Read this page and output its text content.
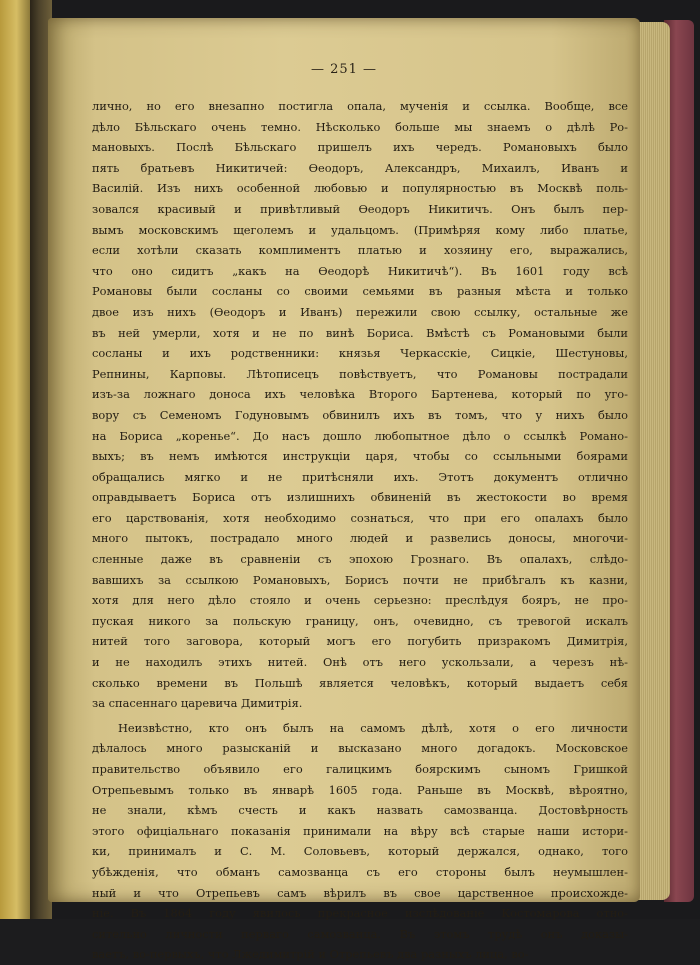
— 251 —
лично, но его внезапно постигла опала, мученія и ссылка. Вообще, все
дѣло Бѣльскаго очень темно. Нѣсколько больше мы знаемъ о дѣлѣ Ро-
мановыхъ. Послѣ Бѣльскаго пришелъ ихъ чередъ. Романовыхъ было
пять братьевъ Никитичей: Ѳеодоръ, Александръ, Михаилъ, Иванъ и
Василій. Изъ нихъ особенной любовью и популярностью въ Москвѣ поль-
зовался красивый и привѣтливый Ѳеодоръ Никитичъ. Онъ былъ пер-
вымъ московскимъ щеголемъ и удальцомъ. (Примѣряя кому либо платье,
если хотѣли сказать комплиментъ платью и хозяину его, выражались,
что оно сидитъ „какъ на Ѳеодорѣ Никитичѣ“). Въ 1601 году всѣ
Романовы были сосланы со своими семьями въ разныя мѣста и только
двое изъ нихъ (Ѳеодоръ и Иванъ) пережили свою ссылку, остальные же
въ ней умерли, хотя и не по винѣ Бориса. Вмѣстѣ съ Романовыми были
сосланы и ихъ родственники: князья Черкасскіе, Сицкіе, Шестуновы,
Репнины, Карповы. Лѣтописецъ повѣствуетъ, что Романовы пострадали
изъ-за ложнаго доноса ихъ человѣка Второго Бартенева, который по уго-
вору съ Семеномъ Годуновымъ обвинилъ ихъ въ томъ, что у нихъ было
на Бориса „коренье“. До насъ дошло любопытное дѣло о ссылкѣ Романо-
выхъ; въ немъ имѣются инструкціи царя, чтобы со ссыльными боярами
обращались мягко и не притѣсняли ихъ. Этотъ документъ отлично
оправдываетъ Бориса отъ излишнихъ обвиненій въ жестокости во время
его царствованія, хотя необходимо сознаться, что при его опалахъ было
много пытокъ, пострадало много людей и развелись доносы, многочи-
сленные даже въ сравненіи съ эпохою Грознаго. Въ опалахъ, слѣдо-
вавшихъ за ссылкою Романовыхъ, Борисъ почти не прибѣгалъ къ казни,
хотя для него дѣло стояло и очень серьезно: преслѣдуя бояръ, не про-
пуская никого за польскую границу, онъ, очевидно, съ тревогой искалъ
нитей того заговора, который могъ его погубить призракомъ Димитрія,
и не находилъ этихъ нитей. Онѣ отъ него ускользали, а черезъ нѣ-
сколько времени въ Польшѣ является человѣкъ, который выдаетъ себя
за спасеннаго царевича Димитрія.
Неизвѣстно, кто онъ былъ на самомъ дѣлѣ, хотя о его личности
дѣлалось много разысканій и высказано много догадокъ. Московское
правительство объявило его галицкимъ боярскимъ сыномъ Гришкой
Отрепьевымъ только въ январѣ 1605 года. Раньше въ Москвѣ, вѣроятно,
не знали, кѣмъ счесть и какъ назвать самозванца. Достовѣрность
этого офиціальнаго показанія принимали на вѣру всѣ старые наши истори-
ки, принималъ и С. М. Соловьевъ, который держался, однако, того
убѣжденія, что обманъ самозванца съ его стороны былъ неумышлен-
ный и что Отрепьевъ самъ вѣрилъ въ свое царственное происхожде-
ніе. Въ 1864 году явилось прекрасное изслѣдованіе Костомарова отно-
сительно личности перваго самозванца. Въ этомъ трудѣ онъ доказы-
ваетъ, во-первыхъ, что Лжедимитрій и Отрепьевъ два разныхъ лица, во-
